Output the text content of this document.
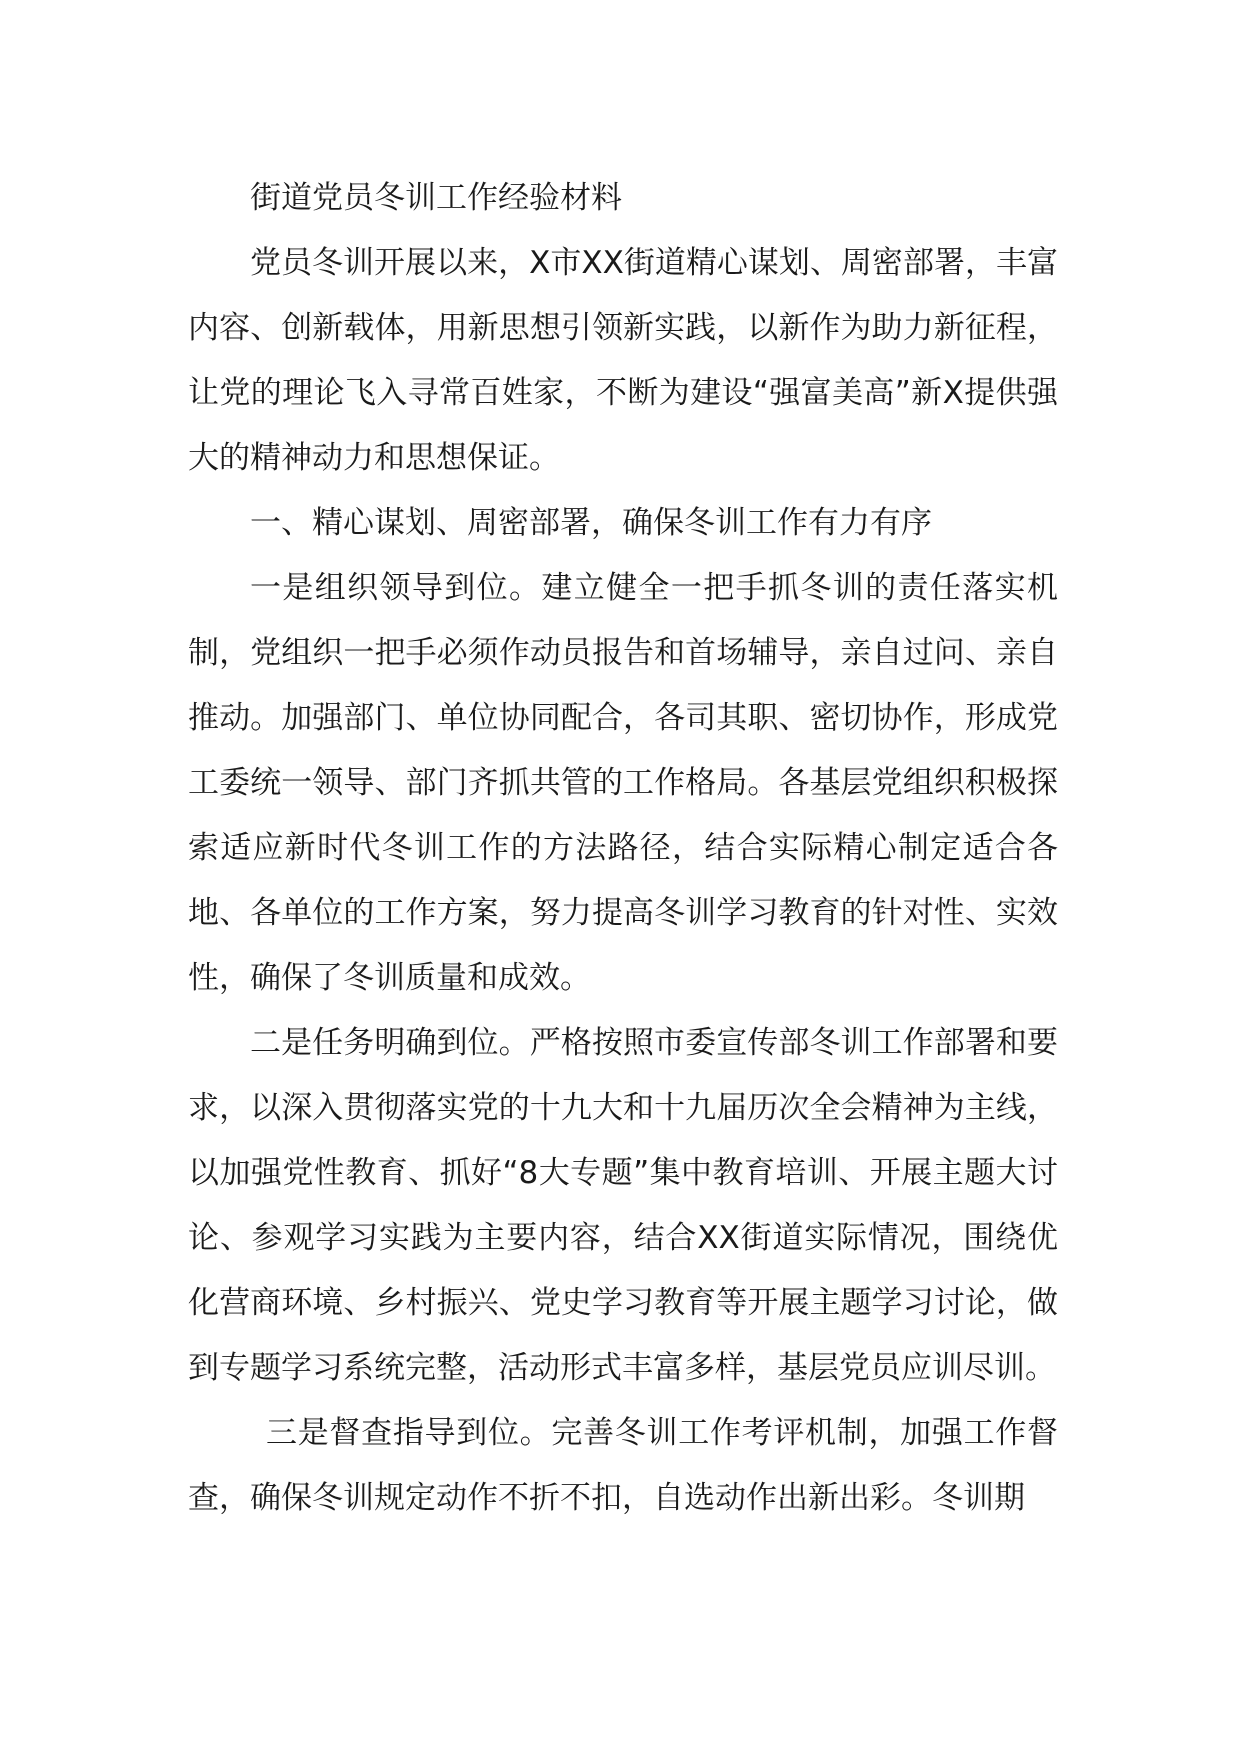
街道党员冬训工作经验材料

党员冬训开展以来，X市XX街道精心谋划、周密部署，丰富内容、创新载体，用新思想引领新实践，以新作为助力新征程，让党的理论飞入寻常百姓家，不断为建设“强富美高”新X提供强大的精神动力和思想保证。

一、精心谋划、周密部署，确保冬训工作有力有序

一是组织领导到位。建立健全一把手抓冬训的责任落实机制，党组织一把手必须作动员报告和首场辅导，亲自过问、亲自推动。加强部门、单位协同配合，各司其职、密切协作，形成党工委统一领导、部门齐抓共管的工作格局。各基层党组织积极探索适应新时代冬训工作的方法路径，结合实际精心制定适合各地、各单位的工作方案，努力提高冬训学习教育的针对性、实效性，确保了冬训质量和成效。

二是任务明确到位。严格按照市委宣传部冬训工作部署和要求，以深入贯彻落实党的十九大和十九届历次全会精神为主线，以加强党性教育、抓好“8大专题”集中教育培训、开展主题大讨论、参观学习实践为主要内容，结合XX街道实际情况，围绕优化营商环境、乡村振兴、党史学习教育等开展主题学习讨论，做到专题学习系统完整，活动形式丰富多样，基层党员应训尽训。

三是督查指导到位。完善冬训工作考评机制，加强工作督查，确保冬训规定动作不折不扣，自选动作出新出彩。冬训期
